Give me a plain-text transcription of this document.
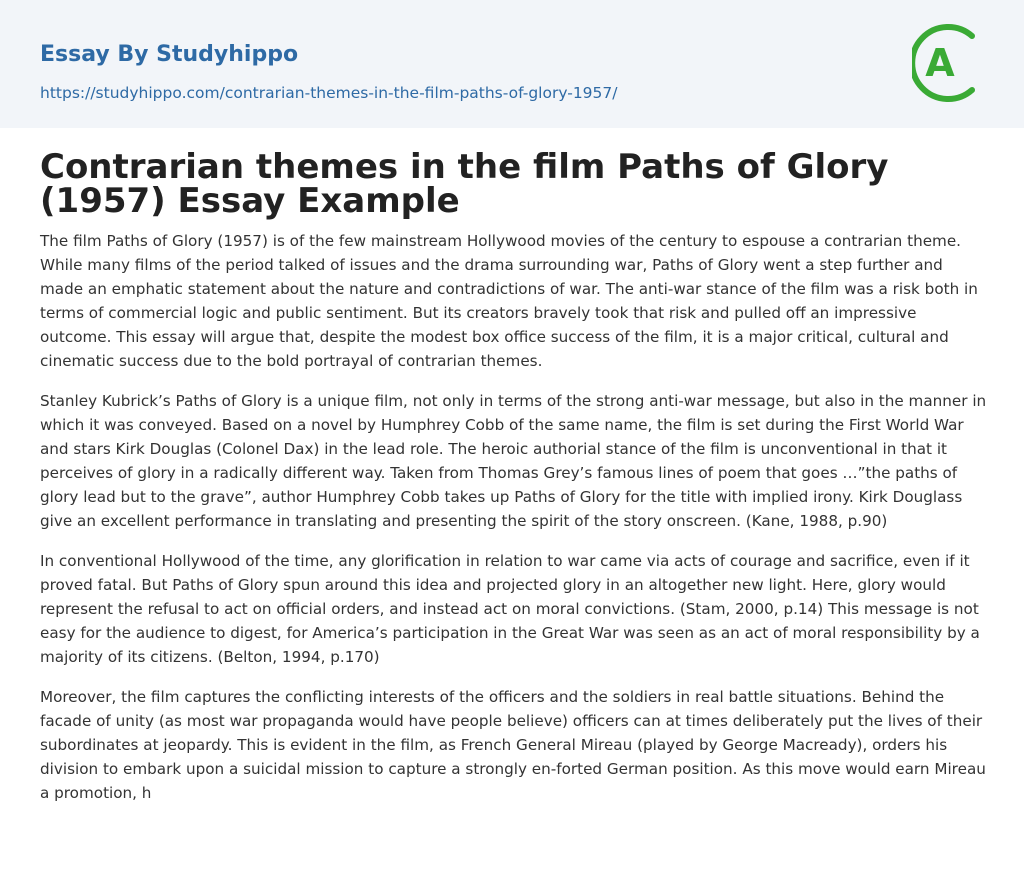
Essay By Studyhippo
https://studyhippo.com/contrarian-themes-in-the-film-paths-of-glory-1957/
A
Contrarian themes in the film Paths of Glory (1957) Essay Example

The film Paths of Glory (1957) is of the few mainstream Hollywood movies of the century to espouse a contrarian theme. While many films of the period talked of issues and the drama surrounding war, Paths of Glory went a step further and made an emphatic statement about the nature and contradictions of war. The anti-war stance of the film was a risk both in terms of commercial logic and public sentiment. But its creators bravely took that risk and pulled off an impressive outcome. This essay will argue that, despite the modest box office success of the film, it is a major critical, cultural and cinematic success due to the bold portrayal of contrarian themes.

Stanley Kubrick’s Paths of Glory is a unique film, not only in terms of the strong anti-war message, but also in the manner in which it was conveyed. Based on a novel by Humphrey Cobb of the same name, the film is set during the First World War and stars Kirk Douglas (Colonel Dax) in the lead role. The heroic authorial stance of the film is unconventional in that it perceives of glory in a radically different way. Taken from Thomas Grey’s famous lines of poem that goes …”the paths of glory lead but to the grave”, author Humphrey Cobb takes up Paths of Glory for the title with implied irony. Kirk Douglass give an excellent performance in translating and presenting the spirit of the story onscreen. (Kane, 1988, p.90)

In conventional Hollywood of the time, any glorification in relation to war came via acts of courage and sacrifice, even if it proved fatal. But Paths of Glory spun around this idea and projected glory in an altogether new light. Here, glory would represent the refusal to act on official orders, and instead act on moral convictions. (Stam, 2000, p.14) This message is not easy for the audience to digest, for America’s participation in the Great War was seen as an act of moral responsibility by a majority of its citizens. (Belton, 1994, p.170)

Moreover, the film captures the conflicting interests of the officers and the soldiers in real battle situations. Behind the facade of unity (as most war propaganda would have people believe) officers can at times deliberately put the lives of their subordinates at jeopardy. This is evident in the film, as French General Mireau (played by George Macready), orders his division to embark upon a suicidal mission to capture a strongly en-forted German position. As this move would earn Mireau a promotion, h
